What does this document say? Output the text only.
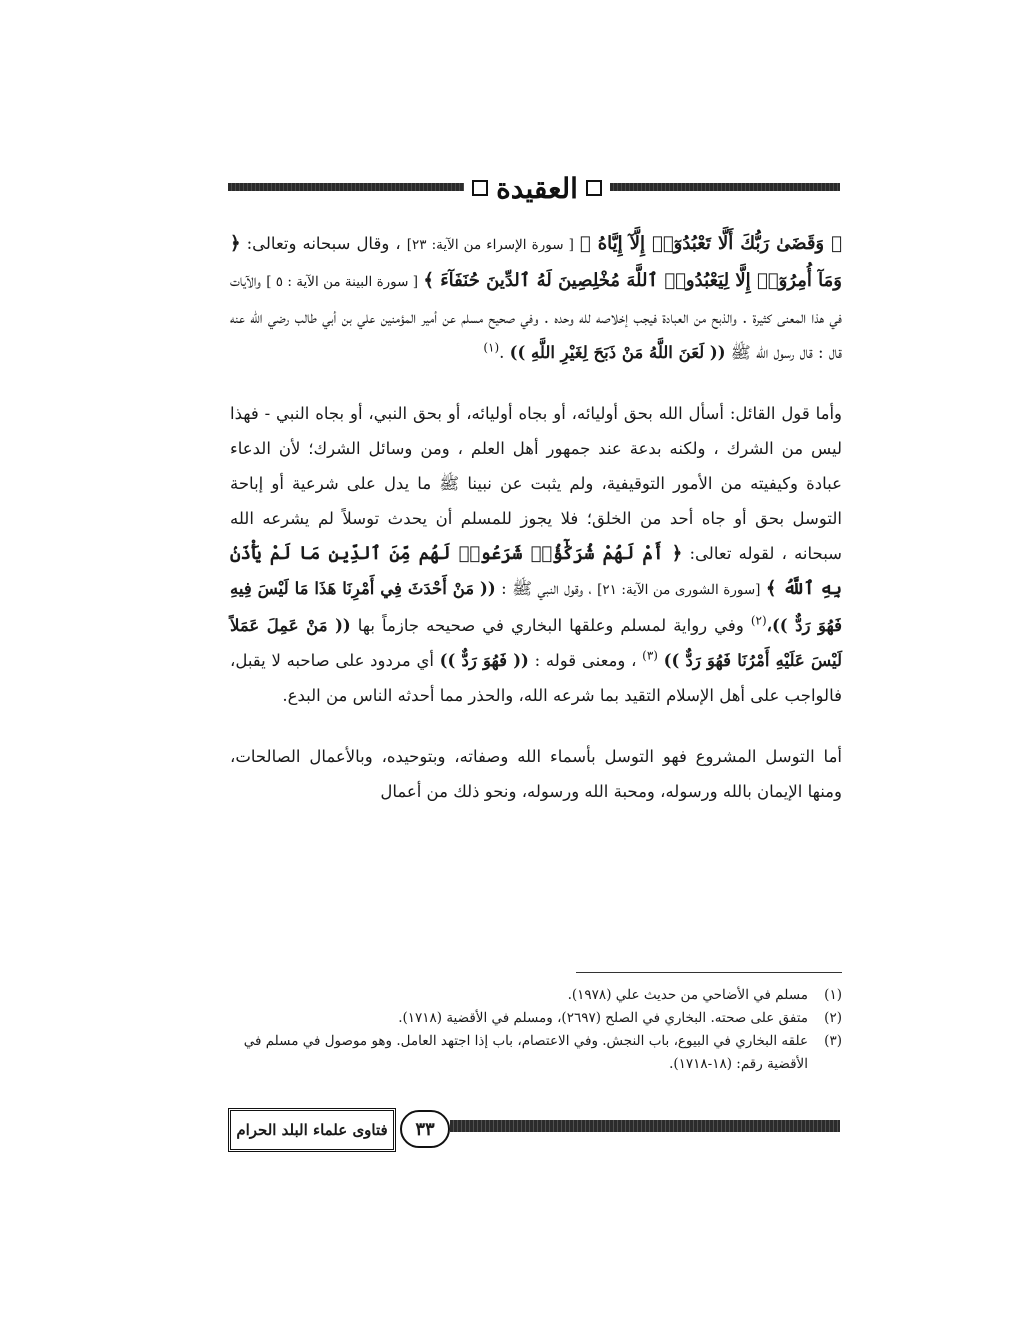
العقيدة

﴿ وَقَضَىٰ رَبُّكَ أَلَّا تَعْبُدُوٓا۟ إِلَّآ إِيَّاهُ ﴾ [ سورة الإسراء من الآية: ٢٣] ، وقال سبحانه وتعالى: ﴿ وَمَآ أُمِرُوٓا۟ إِلَّا لِيَعْبُدُوا۟ ٱللَّهَ مُخْلِصِينَ لَهُ ٱلدِّينَ حُنَفَآءَ ﴾ [ سورة البينة من الآية : ٥ ] والآيات في هذا المعنى كثيرة . والذبح من العبادة فيجب إخلاصه لله وحده . وفي صحيح مسلم عن أمير المؤمنين علي بن أبي طالب رضي الله عنه قال : قال رسول الله ﷺ (( لَعَنَ اللَّهُ مَنْ ذَبَحَ لِغَيْرِ اللَّهِ )) .$^{(١)}$

وأما قول القائل: أسأل الله بحق أوليائه، أو بجاه أوليائه، أو بحق النبي، أو بجاه النبي - فهذا ليس من الشرك ، ولكنه بدعة عند جمهور أهل العلم ، ومن وسائل الشرك؛ لأن الدعاء عبادة وكيفيته من الأمور التوقيفية، ولم يثبت عن نبينا ﷺ ما يدل على شرعية أو إباحة التوسل بحق أو جاه أحد من الخلق؛ فلا يجوز للمسلم أن يحدث توسلاً لم يشرعه الله سبحانه ، لقوله تعالى: ﴿ أَمْ لَهُمْ شُرَكَٰٓؤُا۟ شَرَعُوا۟ لَهُم مِّنَ ٱلدِّينِ مَا لَمْ يَأْذَنۢ بِهِ ٱللَّهُ ﴾ [سورة الشورى من الآية: ٢١] ، وقول النبي ﷺ : (( مَنْ أَحْدَثَ فِي أَمْرِنَا هَذَا مَا لَيْسَ فِيهِ فَهُوَ رَدٌّ ))،$^{(٢)}$ وفي رواية لمسلم وعلقها البخاري في صحيحه جازماً بها (( مَنْ عَمِلَ عَمَلاً لَيْسَ عَلَيْهِ أَمْرُنَا فَهُوَ رَدٌّ )) $^{(٣)}$ ، ومعنى قوله : (( فَهُوَ رَدٌّ )) أي مردود على صاحبه لا يقبل، فالواجب على أهل الإسلام التقيد بما شرعه الله، والحذر مما أحدثه الناس من البدع.

أما التوسل المشروع فهو التوسل بأسماء الله وصفاته، وبتوحيده، وبالأعمال الصالحات، ومنها الإيمان بالله ورسوله، ومحبة الله ورسوله، ونحو ذلك من أعمال

(١)
مسلم في الأضاحي من حديث علي (١٩٧٨).
(٢)
متفق على صحته. البخاري في الصلح (٢٦٩٧)، ومسلم في الأقضية (١٧١٨).
(٣)
علقه البخاري في البيوع، باب النجش. وفي الاعتصام، باب إذا اجتهد العامل. وهو موصول في مسلم في الأقضية رقم: (١٨-١٧١٨).
٣٣
فتاوى علماء البلد الحرام
